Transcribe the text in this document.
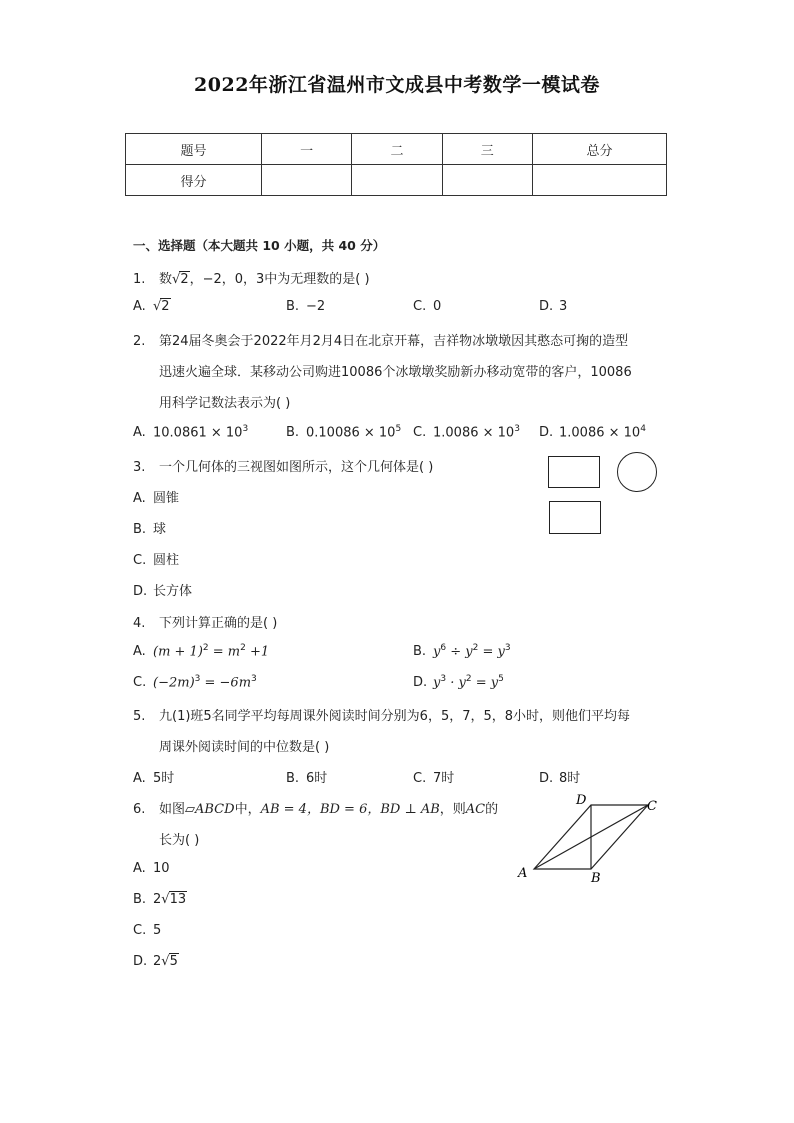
2022年浙江省温州市文成县中考数学一模试卷
题号	一	二	三	总分
得分				
一、选择题（本大题共 10 小题，共 40 分）
1. 数√2，−2，0，3中为无理数的是( )
A. √2	B. −2	C. 0	D. 3
2. 第24届冬奥会于2022年月2月4日在北京开幕，吉祥物冰墩墩因其憨态可掬的造型
迅速火遍全球．某移动公司购进10086个冰墩墩奖励新办移动宽带的客户，10086
用科学记数法表示为( )
A. $10.0861 \times 10^3$	B. $0.10086 \times 10^5$ C. $1.0086 \times 10^3$ D. $1.0086 \times 10^4$
3. 一个几何体的三视图如图所示，这个几何体是( )
A. 圆锥
B. 球
C. 圆柱
D. 长方体
4. 下列计算正确的是( )
A. $(m + 1)^2 = m^2 +1$	B. $y^6 \div y^2 = y^3$
C. $(-2m)^3 = -6m^3$	D. $y^3 \cdot y^2 = y^5$
5. 九(1)班5名同学平均每周课外阅读时间分别为6，5，7，5，8小时，则他们平均每
周课外阅读时间的中位数是( )
A. 5时	B. 6时	C. 7时	D. 8时
6. 如图▱ABCD中，AB = 4，BD = 6，BD ⊥ AB，则AC的
长为( )
A. 10
B. 2√13
C. 5
D. 2√5
A	B
C
D
